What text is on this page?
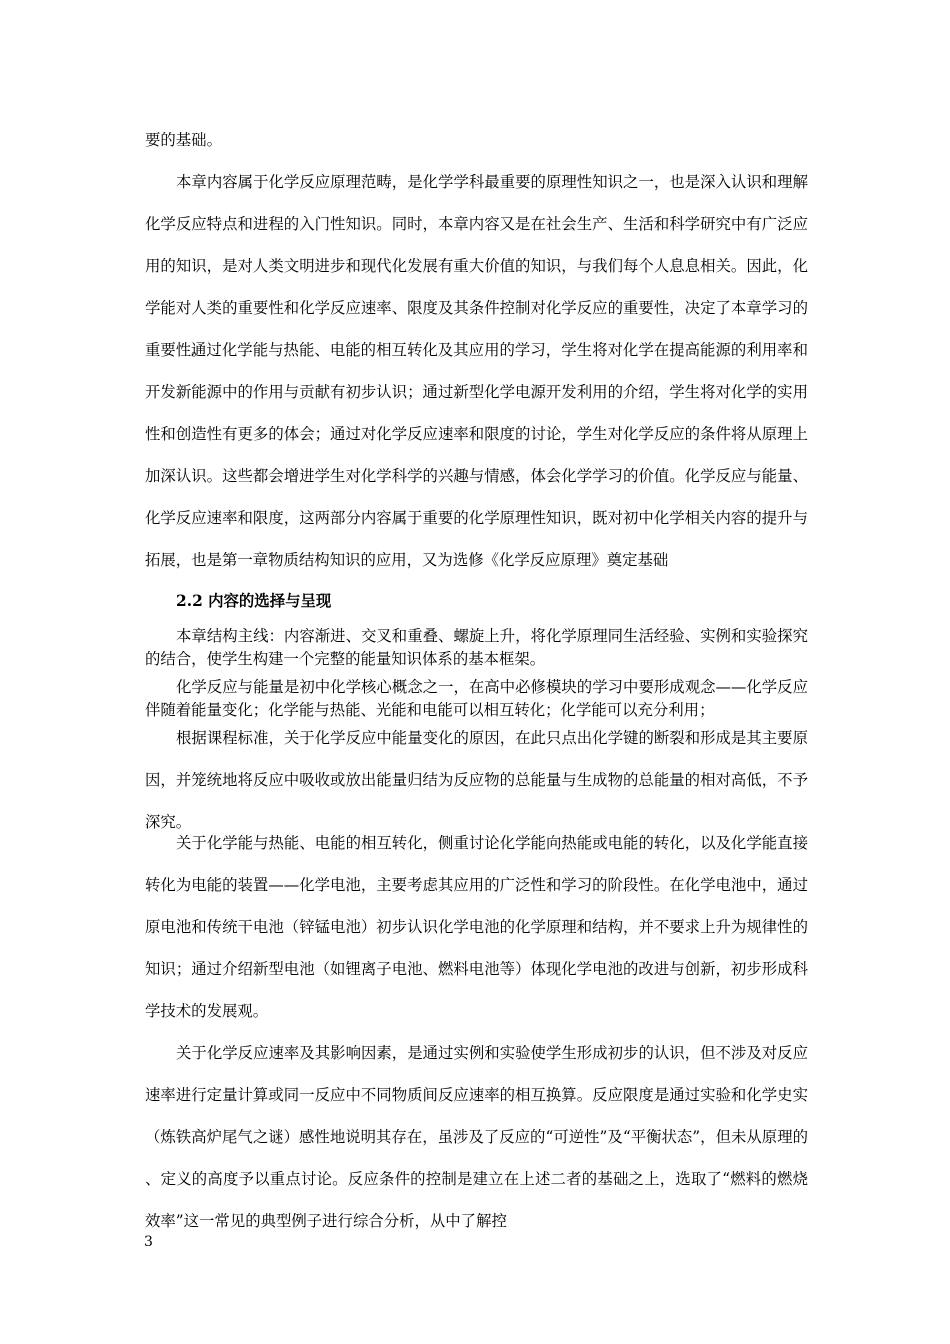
要的基础。

本章内容属于化学反应原理范畴，是化学学科最重要的原理性知识之一，也是深入认识和理解化学反应特点和进程的入门性知识。同时，本章内容又是在社会生产、生活和科学研究中有广泛应用的知识，是对人类文明进步和现代化发展有重大价值的知识，与我们每个人息息相关。因此，化学能对人类的重要性和化学反应速率、限度及其条件控制对化学反应的重要性，决定了本章学习的重要性。

通过化学能与热能、电能的相互转化及其应用的学习，学生将对化学在提高能源的利用率和开发新能源中的作用与贡献有初步认识；通过新型化学电源开发利用的介绍，学生将对化学的实用性和创造性有更多的体会；通过对化学反应速率和限度的讨论，学生对化学反应的条件将从原理上加深认识。这些都会增进学生对化学科学的兴趣与情感，体会化学学习的价值。化学反应与能量、化学反应速率和限度，这两部分内容属于重要的化学原理性知识，既对初中化学相关内容的提升与拓展，也是第一章物质结构知识的应用，又为选修《化学反应原理》奠定基础

2.2 内容的选择与呈现

本章结构主线：内容渐进、交叉和重叠、螺旋上升，将化学原理同生活经验、实例和实验探究的结合，使学生构建一个完整的能量知识体系的基本框架。

化学反应与能量是初中化学核心概念之一，在高中必修模块的学习中要形成观念——化学反应伴随着能量变化；化学能与热能、光能和电能可以相互转化；化学能可以充分利用；

根据课程标准，关于化学反应中能量变化的原因，在此只点出化学键的断裂和形成是其主要原因，并笼统地将反应中吸收或放出能量归结为反应物的总能量与生成物的总能量的相对高低，不予深究。

关于化学能与热能、电能的相互转化，侧重讨论化学能向热能或电能的转化，以及化学能直接转化为电能的装置——化学电池，主要考虑其应用的广泛性和学习的阶段性。在化学电池中，通过原电池和传统干电池（锌锰电池）初步认识化学电池的化学原理和结构，并不要求上升为规律性的知识；通过介绍新型电池（如锂离子电池、燃料电池等）体现化学电池的改进与创新，初步形成科学技术的发展观。

关于化学反应速率及其影响因素，是通过实例和实验使学生形成初步的认识，但不涉及对反应速率进行定量计算或同一反应中不同物质间反应速率的相互换算。反应限度是通过实验和化学史实（炼铁高炉尾气之谜）感性地说明其存在，虽涉及了反应的“可逆性”及“平衡状态”，但未从原理的、定义的高度予以重点讨论。反应条件的控制是建立在上述二者的基础之上，选取了“燃料的燃烧效率”这一常见的典型例子进行综合分析，从中了解控

3
